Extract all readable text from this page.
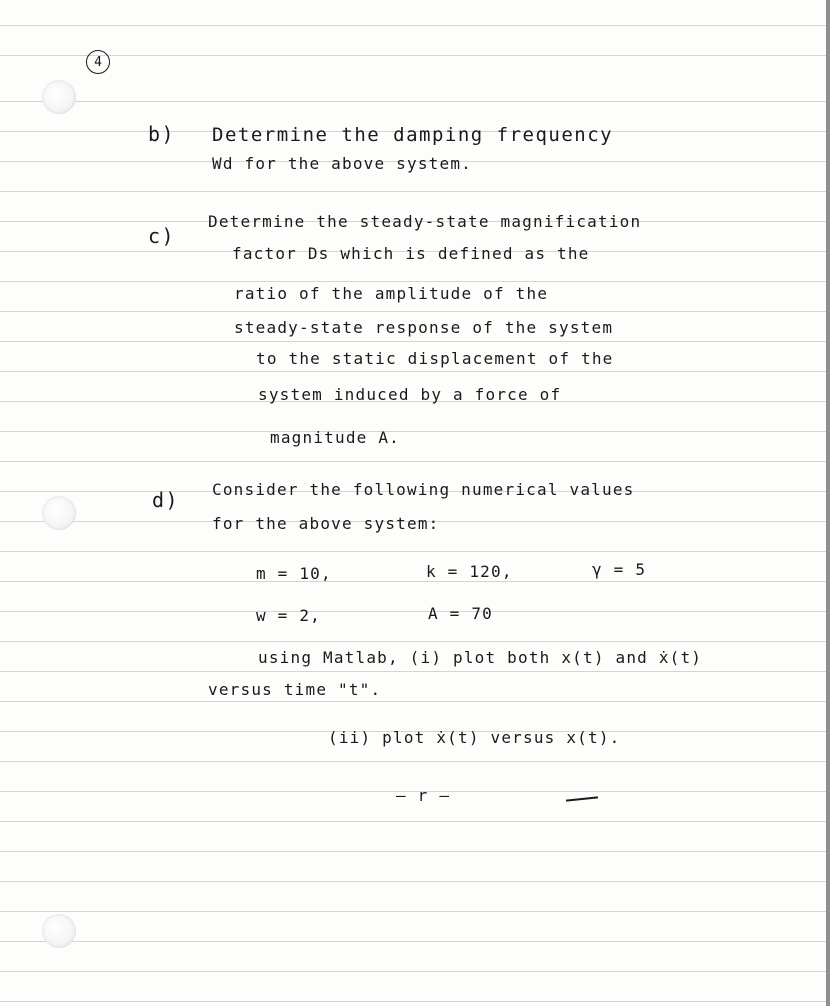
4
b) Determine the damping frequency
Wd for the above system.
c)
Determine the steady-state magnification
factor Ds which is defined as the
ratio of the amplitude of the
steady-state response of the system
to the static displacement of the
system induced by a force of
magnitude A.
d) Consider the following numerical values
for the above system:
m = 10,	k = 120,	γ = 5
w = 2,	A = 70
using Matlab, (i) plot both x(t) and ẋ(t)
versus time "t".
(ii) plot ẋ(t) versus x(t).
— r —
